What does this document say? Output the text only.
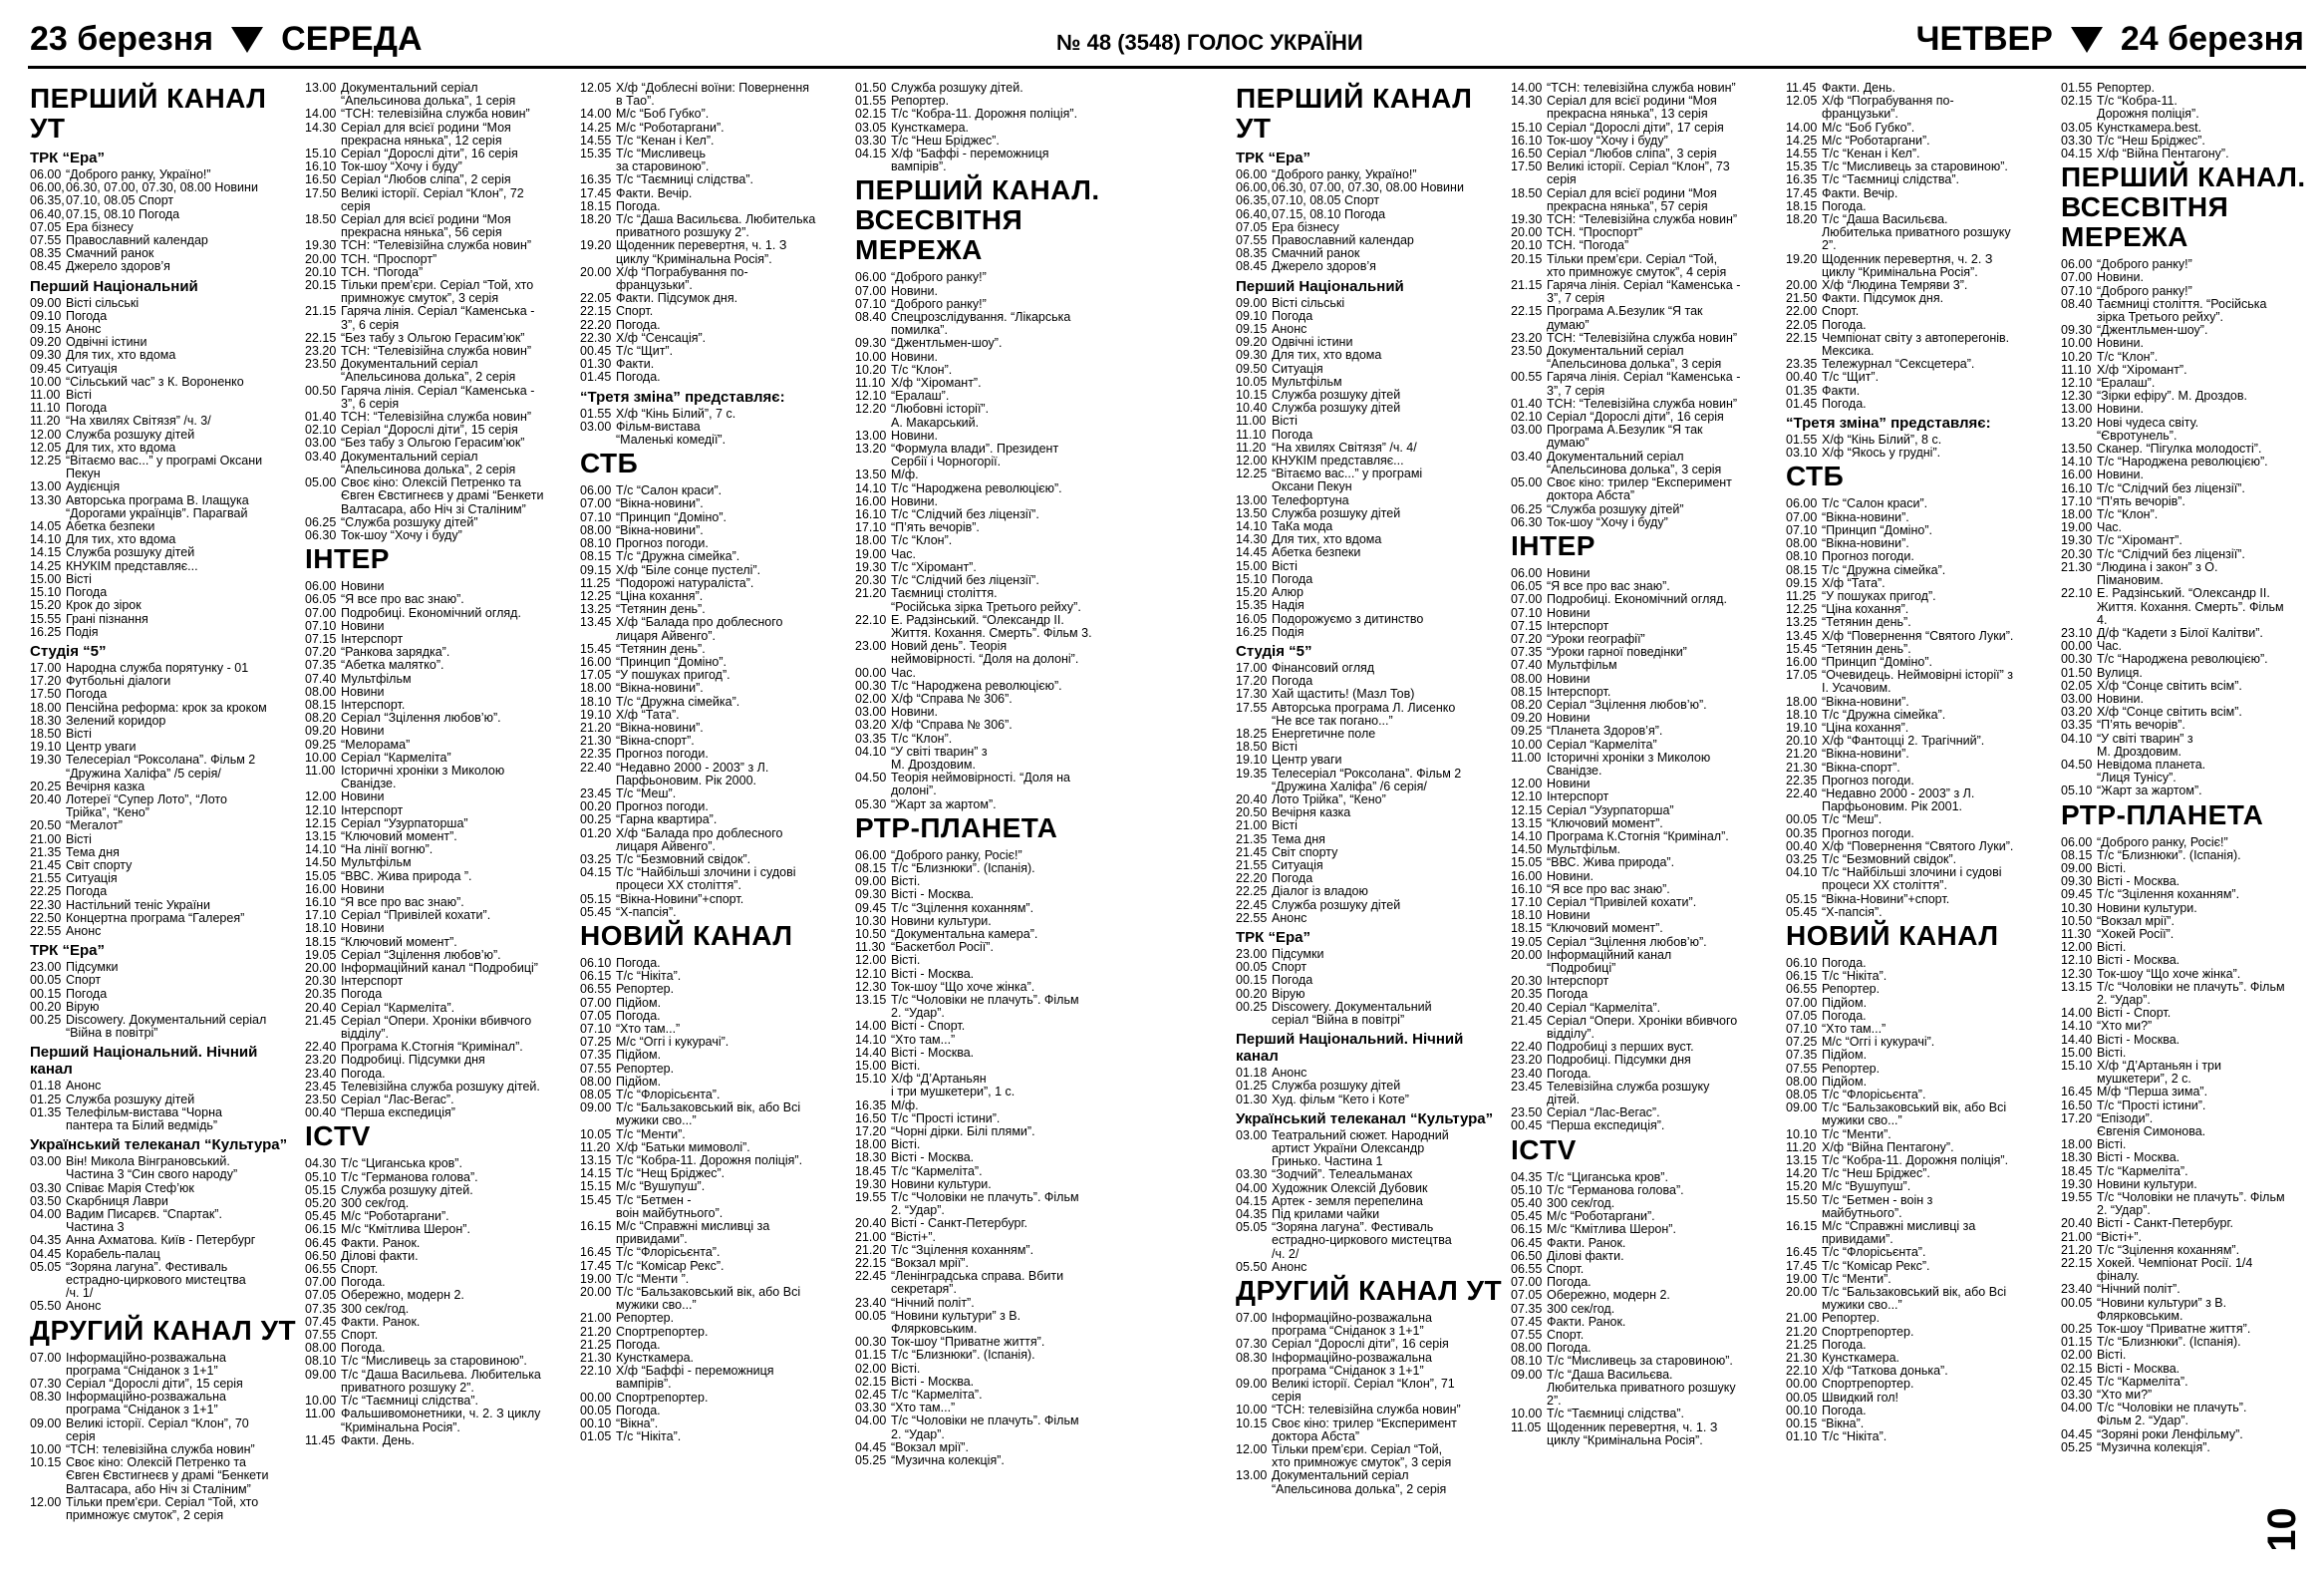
23 березня СЕРЕДА	№ 48 (3548) ГОЛОС УКРАЇНИ	ЧЕТВЕР 24 березня
ПЕРШИЙ КАНАЛ УТ
ТРК “Ера”
06.00 “Доброго ранку, Україно!”
06.00,06.30, 07.00, 07.30, 08.00 Новини
06.35,07.10, 08.05 Спорт
06.40,07.15, 08.10 Погода
07.05 Ера бізнесу
07.55 Православний календар
08.35 Смачний ранок
08.45 Джерело здоров’я
Перший Національний
09.00 Вісті сільські
09.10 Погода
09.15 Анонс
09.20 Одвічні істини
09.30 Для тих, хто вдома
09.45 Ситуація
10.00 “Сільський час” з К. Вороненко
11.00 Вісті
11.10 Погода
11.20 “На хвилях Світязя” /ч. 3/
12.00 Служба розшуку дітей
12.05 Для тих, хто вдома
12.25 “Вітаємо вас...” у програмі Оксани
Пекун
13.00 Аудієнція
13.30 Авторська програма В. Ілащука
“Дорогами українців”. Парагвай
14.05 Абетка безпеки
14.10 Для тих, хто вдома
14.15 Служба розшуку дітей
14.25 КНУКІМ представляє...
15.00 Вісті
15.10 Погода
15.20 Крок до зірок
15.55 Грані пізнання
16.25 Подія
Студія “5”
17.00 Народна служба порятунку - 01
17.20 Футбольні діалоги
17.50 Погода
18.00 Пенсійна реформа: крок за кроком
18.30 Зелений коридор
18.50 Вісті
19.10 Центр уваги
19.30 Телесеріал “Роксолана”. Фільм 2
“Дружина Халіфа” /5 серія/
20.25 Вечірня казка
20.40 Лотереї “Супер Лото”, “Лото
Трійка”, “Кено”
20.50 “Мегалот”
21.00 Вісті
21.35 Тема дня
21.45 Світ спорту
21.55 Ситуація
22.25 Погода
22.30 Настільний теніс України
22.50 Концертна програма “Галерея”
22.55 Анонс
ТРК “Ера”
23.00 Підсумки
00.05 Спорт
00.15 Погода
00.20 Вірую
00.25 Discowery. Документальний серіал
“Війна в повітрі”
Перший Національний. Нічний канал
01.18 Анонс
01.25 Служба розшуку дітей
01.35 Телефільм-вистава “Чорна
пантера та Білий ведмідь”
Український телеканал “Культура”
03.00 Він! Микола Вінграновський.
Частина 3 “Син свого народу”
03.30 Співає Марія Стеф’юк
03.50 Скарбниця Лаври
04.00 Вадим Писарєв. “Спартак”.
Частина 3
04.35 Анна Ахматова. Київ - Петербург
04.45 Корабель-палац
05.05 “Зоряна лагуна”. Фестиваль
естрадно-циркового мистецтва
/ч. 1/
05.50 Анонс
ДРУГИЙ КАНАЛ УТ
07.00 Інформаційно-розважальна
програма “Сніданок з 1+1”
07.30 Серіал “Дорослі діти”, 15 серія
08.30 Інформаційно-розважальна
програма “Сніданок з 1+1”
09.00 Великі історії. Серіал “Клон”, 70
серія
10.00 “ТСН: телевізійна служба новин”
10.15 Своє кіно: Олексій Петренко та
Євген Євстигнеєв у драмі “Бенкети
Валтасара, або Ніч зі Сталіним”
12.00 Тільки прем’єри. Серіал “Той, хто
примножує смуток”, 2 серія
13.00 Документальний серіал
“Апельсинова долька”, 1 серія
14.00 “ТСН: телевізійна служба новин”
14.30 Серіал для всієї родини “Моя
прекрасна нянька”, 12 серія
15.10 Серіал “Дорослі діти”, 16 серія
16.10 Ток-шоу “Хочу і буду”
16.50 Серіал “Любов сліпа”, 2 серія
17.50 Великі історії. Серіал “Клон”, 72
серія
18.50 Серіал для всієї родини “Моя
прекрасна нянька”, 56 серія
19.30 ТСН: “Телевізійна служба новин”
20.00 ТСН. “Проспорт”
20.10 ТСН. “Погода”
20.15 Тільки прем’єри. Серіал “Той, хто
примножує смуток”, 3 серія
21.15 Гаряча лінія. Серіал “Каменська -
3”, 6 серія
22.15 “Без табу з Ольгою Герасим’юк”
23.20 ТСН: “Телевізійна служба новин”
23.50 Документальний серіал
“Апельсинова долька”, 2 серія
00.50 Гаряча лінія. Серіал “Каменська -
3”, 6 серія
01.40 ТСН: “Телевізійна служба новин”
02.10 Серіал “Дорослі діти”, 15 серія
03.00 “Без табу з Ольгою Герасим’юк”
03.40 Документальний серіал
“Апельсинова долька”, 2 серія
05.00 Своє кіно: Олексій Петренко та
Євген Євстигнеєв у драмі “Бенкети
Валтасара, або Ніч зі Сталіним”
06.25 “Служба розшуку дітей”
06.30 Ток-шоу “Хочу і буду”
ІНТЕР
06.00 Новини
06.05 “Я все про вас знаю”.
07.00 Подробиці. Економічний огляд.
07.10 Новини
07.15 Інтерспорт
07.20 “Ранкова зарядка”.
07.35 “Абетка малятко”.
07.40 Мультфільм
08.00 Новини
08.15 Інтерспорт.
08.20 Серіал “Зцілення любов’ю”.
09.20 Новини
09.25 “Мелорама”
10.00 Серіал “Кармеліта”
11.00 Історичні хроніки з Миколою
Сванідзе.
12.00 Новини
12.10 Інтерспорт
12.15 Серіал “Узурпаторша”
13.15 “Ключовий момент”.
14.10 “На лінії вогню”.
14.50 Мультфільм
15.05 “ВВС. Жива природа ”.
16.00 Новини
16.10 “Я все про вас знаю”.
17.10 Серіал “Привілей кохати”.
18.10 Новини
18.15 “Ключовий момент”.
19.05 Серіал “Зцілення любов’ю”.
20.00 Інформаційний канал “Подробиці”
20.30 Інтерспорт
20.35 Погода
20.40 Серіал “Кармеліта”.
21.45 Серіал “Опери. Хроніки вбивчого
відділу”.
22.40 Програма К.Стогнія “Кримінал”.
23.20 Подробиці. Підсумки дня
23.40 Погода.
23.45 Телевізійна служба розшуку дітей.
23.50 Серіал “Лас-Вегас”.
00.40 “Перша експедиція”
ICTV
04.30 Т/с “Циганська кров”.
05.10 Т/с “Германова голова”.
05.15 Служба розшуку дітей.
05.20 300 сек/год.
05.45 М/с “Роботаргани”.
06.15 М/с “Кмітлива Шерон”.
06.45 Факти. Ранок.
06.50 Ділові факти.
06.55 Спорт.
07.00 Погода.
07.05 Обережно, модерн 2.
07.35 300 сек/год.
07.45 Факти. Ранок.
07.55 Спорт.
08.00 Погода.
08.10 Т/с “Мисливець за старовиною”.
09.00 Т/с “Даша Васильева. Любителька
приватного розшуку 2”.
10.00 Т/с “Таємниці слідства”.
11.00 Фальшивомонетники, ч. 2. З циклу
“Кримінальна Росія”.
11.45 Факти. День.
12.05 Х/ф “Доблесні воїни: Повернення
в Тао”.
14.00 М/с “Боб Губко”.
14.25 М/с “Роботаргани”.
14.55 Т/с “Кенан і Кел”.
15.35 Т/с “Мисливець
за старовиною”.
16.35 Т/с “Таємниці слідства”.
17.45 Факти. Вечір.
18.15 Погода.
18.20 Т/с “Даша Васильєва. Любителька
приватного розшуку 2”.
19.20 Щоденник перевертня, ч. 1. З
циклу “Кримінальна Росія”.
20.00 Х/ф “Пограбування по-
французьки”.
22.05 Факти. Підсумок дня.
22.15 Спорт.
22.20 Погода.
22.30 Х/ф “Сенсація”.
00.45 Т/с “Щит”.
01.30 Факти.
01.45 Погода.
“Третя зміна” представляє:
01.55 Х/ф “Кінь Білий”, 7 с.
03.00 Фільм-вистава
“Маленькі комедії”.
СТБ
06.00 Т/с “Салон краси”.
07.00 “Вікна-новини”.
07.10 “Принцип “Доміно”.
08.00 “Вікна-новини”.
08.10 Прогноз погоди.
08.15 Т/с “Дружна сімейка”.
09.15 Х/ф “Біле сонце пустелі”.
11.25 “Подорожі натураліста”.
12.25 “Ціна кохання”.
13.25 “Тетянин день”.
13.45 Х/ф “Балада про доблесного
лицаря Айвенго”.
15.45 “Тетянин день”.
16.00 “Принцип “Доміно”.
17.05 “У пошуках пригод”.
18.00 “Вікна-новини”.
18.10 Т/с “Дружна сімейка”.
19.10 Х/ф “Тата”.
21.20 “Вікна-новини”.
21.30 “Вікна-спорт”.
22.35 Прогноз погоди.
22.40 “Недавно 2000 - 2003” з Л.
Парфьоновим. Рік 2000.
23.45 Т/с “Меш”.
00.20 Прогноз погоди.
00.25 “Гарна квартира”.
01.20 Х/ф “Балада про доблесного
лицаря Айвенго”.
03.25 Т/с “Безмовний свідок”.
04.15 Т/с “Найбільші злочини і судові
процеси XX століття”.
05.15 “Вікна-Новини”+спорт.
05.45 “Х-папсія”.
НОВИЙ КАНАЛ
06.10 Погода.
06.15 Т/с “Нікіта”.
06.55 Репортер.
07.00 Підйом.
07.05 Погода.
07.10 “Хто там...”
07.25 М/с “Оггі і кукурачі”.
07.35 Підйом.
07.55 Репортер.
08.00 Підйом.
08.05 Т/с “Флорісьєнта”.
09.00 Т/с “Бальзаковський вік, або Всі
мужики сво...”
10.05 Т/с “Менти”.
11.20 Х/ф “Батьки мимоволі”.
13.15 Т/с “Кобра-11. Дорожня поліція”.
14.15 Т/с “Нещ Бріджес”.
15.15 М/с “Вушупуш”.
15.45 Т/с “Бетмен -
воін майбутнього”.
16.15 М/с “Справжні мисливці за
привидами”.
16.45 Т/с “Флорісьєнта”.
17.45 Т/с “Комісар Рекс”.
19.00 Т/с “Менти ”.
20.00 Т/с “Бальзаковський вік, або Всі
мужики сво...”
21.00 Репортер.
21.20 Спортрепортер.
21.25 Погода.
21.30 Кунсткамера.
22.10 Х/ф “Баффі - переможниця
вампірів”.
00.00 Спортрепортер.
00.05 Погода.
00.10 “Вікна”.
01.05 Т/с “Нікіта”.
01.50 Служба розшуку дітей.
01.55 Репортер.
02.15 Т/с “Кобра-11. Дорожня поліція”.
03.05 Кунсткамера.
03.30 Т/с “Неш Бріджес”.
04.15 Х/ф “Баффі - переможниця
вампірів”.
ПЕРШИЙ КАНАЛ. ВСЕСВІТНЯ МЕРЕЖА
06.00 “Доброго ранку!”
07.00 Новини.
07.10 “Доброго ранку!”
08.40 Спецрозслідування. “Лікарська
помилка”.
09.30 “Джентльмен-шоу”.
10.00 Новини.
10.20 Т/с “Клон”.
11.10 Х/ф “Хіромант”.
12.10 “Ералаш”.
12.20 “Любовні історії”.
А. Макарський.
13.00 Новини.
13.20 “Формула влади”. Президент
Сербії і Чорногорії.
13.50 М/ф.
14.10 Т/с “Народжена революцією”.
16.00 Новини.
16.10 Т/с “Слідчий без ліцензії”.
17.10 “П’ять вечорів”.
18.00 Т/с “Клон”.
19.00 Час.
19.30 Т/с “Хіромант”.
20.30 Т/с “Слідчий без ліцензії”.
21.20 Таємниці століття.
“Російська зірка Третього рейху”.
22.10 Е. Радзінський. “Олександр ІІ.
Життя. Кохання. Смерть”. Фільм 3.
23.00 Новий день”. Теорія
неймовірності. “Доля на долоні”.
00.00 Час.
00.30 Т/с “Народжена революцією”.
02.00 Х/ф “Справа № 306”.
03.00 Новини.
03.20 Х/ф “Справа № 306”.
03.35 Т/с “Клон”.
04.10 “У світі тварин” з
М. Дроздовим.
04.50 Теорія неймовірності. “Доля на
долоні”.
05.30 “Жарт за жартом”.
РТР-ПЛАНЕТА
06.00 “Доброго ранку, Росіє!”
08.15 Т/с “Близнюки”. (Іспанія).
09.00 Вісті.
09.30 Вісті - Москва.
09.45 Т/с “Зцілення коханням”.
10.30 Новини культури.
10.50 “Документальна камера”.
11.30 “Баскетбол Росії”.
12.00 Вісті.
12.10 Вісті - Москва.
12.30 Ток-шоу “Що хоче жінка”.
13.15 Т/с “Чоловіки не плачуть”. Фільм
2. “Удар”.
14.00 Вісті - Спорт.
14.10 “Хто там...”
14.40 Вісті - Москва.
15.00 Вісті.
15.10 Х/ф “Д’Артаньян
і три мушкетери”, 1 с.
16.35 М/ф.
16.50 Т/с “Прості істини”.
17.20 “Чорні дірки. Білі плями”.
18.00 Вісті.
18.30 Вісті - Москва.
18.45 Т/с “Кармеліта”.
19.30 Новини культури.
19.55 Т/с “Чоловіки не плачуть”. Фільм
2. “Удар”.
20.40 Вісті - Санкт-Петербург.
21.00 “Вісті+”.
21.20 Т/с “Зцілення коханням”.
22.15 “Вокзал мрії”.
22.45 “Ленінградська справа. Вбити
секретаря”.
23.40 “Нічний політ”.
00.05 “Новини культури” з В.
Флярковським.
00.30 Ток-шоу “Приватне життя”.
01.15 Т/с “Близнюки”. (Іспанія).
02.00 Вісті.
02.15 Вісті - Москва.
02.45 Т/с “Кармеліта”.
03.30 “Хто там...”
04.00 Т/с “Чоловіки не плачуть”. Фільм
2. “Удар”.
04.45 “Вокзал мрії”.
05.25 “Музична колекція”.
ПЕРШИЙ КАНАЛ УТ
ТРК “Ера”
06.00 “Доброго ранку, Україно!”
06.00,06.30, 07.00, 07.30, 08.00 Новини
06.35,07.10, 08.05 Спорт
06.40,07.15, 08.10 Погода
07.05 Ера бізнесу
07.55 Православний календар
08.35 Смачний ранок
08.45 Джерело здоров’я
Перший Національний
09.00 Вісті сільські
09.10 Погода
09.15 Анонс
09.20 Одвічні істини
09.30 Для тих, хто вдома
09.50 Ситуація
10.05 Мультфільм
10.15 Служба розшуку дітей
10.40 Служба розшуку дітей
11.00 Вісті
11.10 Погода
11.20 “На хвилях Світязя” /ч. 4/
12.00 КНУКІМ представляє...
12.25 “Вітаємо вас...” у програмі
Оксани Пекун
13.00 Телефортуна
13.50 Служба розшуку дітей
14.10 ТаКа мода
14.30 Для тих, хто вдома
14.45 Абетка безпеки
15.00 Вісті
15.10 Погода
15.20 Алюр
15.35 Надія
16.05 Подорожуємо з дитинство
16.25 Подія
Студія “5”
17.00 Фінансовий огляд
17.20 Погода
17.30 Хай щастить! (Мазл Тов)
17.55 Авторська програма Л. Лисенко
“Не все так погано...”
18.25 Енергетичне поле
18.50 Вісті
19.10 Центр уваги
19.35 Телесеріал “Роксолана”. Фільм 2
“Дружина Халіфа” /6 серія/
20.40 Лото Трійка”, “Кено”
20.50 Вечірня казка
21.00 Вісті
21.35 Тема дня
21.45 Світ спорту
21.55 Ситуація
22.20 Погода
22.25 Діалог із владою
22.45 Служба розшуку дітей
22.55 Анонс
ТРК “Ера”
23.00 Підсумки
00.05 Спорт
00.15 Погода
00.20 Вірую
00.25 Discowery. Документальний
серіал “Війна в повітрі”
Перший Національний. Нічний канал
01.18 Анонс
01.25 Служба розшуку дітей
01.30 Худ. фільм “Кето і Коте”
Український телеканал “Культура”
03.00 Театральний сюжет. Народний
артист України Олександр
Гринько. Частина 1
03.30 “Зодчий”. Телеальманах
04.00 Художник Олексій Дубовик
04.15 Артек - земля перепелина
04.35 Під крилами чайки
05.05 “Зоряна лагуна”. Фестиваль
естрадно-циркового мистецтва
/ч. 2/
05.50 Анонс
ДРУГИЙ КАНАЛ УТ
07.00 Інформаційно-розважальна
програма “Сніданок з 1+1”
07.30 Серіал “Дорослі діти”, 16 серія
08.30 Інформаційно-розважальна
програма “Сніданок з 1+1”
09.00 Великі історії. Серіал “Клон”, 71
серія
10.00 “ТСН: телевізійна служба новин”
10.15 Своє кіно: трилер “Експеримент
доктора Абста”
12.00 Тільки прем’єри. Серіал “Той,
хто примножує смуток”, 3 серія
13.00 Документальний серіал
“Апельсинова долька”, 2 серія
14.00 “ТСН: телевізійна служба новин”
14.30 Серіал для всієї родини “Моя
прекрасна нянька”, 13 серія
15.10 Серіал “Дорослі діти”, 17 серія
16.10 Ток-шоу “Хочу і буду”
16.50 Серіал “Любов сліпа”, 3 серія
17.50 Великі історії. Серіал “Клон”, 73
серія
18.50 Серіал для всієї родини “Моя
прекрасна нянька”, 57 серія
19.30 ТСН: “Телевізійна служба новин”
20.00 ТСН. “Проспорт”
20.10 ТСН. “Погода”
20.15 Тільки прем’єри. Серіал “Той,
хто примножує смуток”, 4 серія
21.15 Гаряча лінія. Серіал “Каменська -
3”, 7 серія
22.15 Програма А.Безулик “Я так
думаю”
23.20 ТСН: “Телевізійна служба новин”
23.50 Документальний серіал
“Апельсинова долька”, 3 серія
00.55 Гаряча лінія. Серіал “Каменська -
3”, 7 серія
01.40 ТСН: “Телевізійна служба новин”
02.10 Серіал “Дорослі діти”, 16 серія
03.00 Програма А.Безулик “Я так
думаю”
03.40 Документальний серіал
“Апельсинова долька”, 3 серія
05.00 Своє кіно: трилер “Експеримент
доктора Абста”
06.25 “Служба розшуку дітей”
06.30 Ток-шоу “Хочу і буду”
ІНТЕР
06.00 Новини
06.05 “Я все про вас знаю”.
07.00 Подробиці. Економічний огляд.
07.10 Новини
07.15 Інтерспорт
07.20 “Уроки географії”
07.35 “Уроки гарної поведінки”
07.40 Мультфільм
08.00 Новини
08.15 Інтерспорт.
08.20 Серіал “Зцілення любов’ю”.
09.20 Новини
09.25 “Планета Здоров’я”.
10.00 Серіал “Кармеліта”
11.00 Історичні хроніки з Миколою
Сванідзе.
12.00 Новини
12.10 Інтерспорт
12.15 Серіал “Узурпаторша”
13.15 “Ключовий момент”.
14.10 Програма К.Стогнія “Кримінал”.
14.50 Мультфільм.
15.05 “ВВС. Жива природа”.
16.00 Новини.
16.10 “Я все про вас знаю”.
17.10 Серіал “Привілей кохати”.
18.10 Новини
18.15 “Ключовий момент”.
19.05 Серіал “Зцілення любов’ю”.
20.00 Інформаційний канал
“Подробиці”
20.30 Інтерспорт
20.35 Погода
20.40 Серіал “Кармеліта”.
21.45 Серіал “Опери. Хроніки вбивчого
відділу”.
22.40 Подробиці з перших вуст.
23.20 Подробиці. Підсумки дня
23.40 Погода.
23.45 Телевізійна служба розшуку
дітей.
23.50 Серіал “Лас-Вегас”.
00.45 “Перша експедиція”.
ICTV
04.35 Т/с “Циганська кров”.
05.10 Т/с “Германова голова”.
05.40 300 сек/год.
05.45 М/с “Роботаргани”.
06.15 М/с “Кмітлива Шерон”.
06.45 Факти. Ранок.
06.50 Ділові факти.
06.55 Спорт.
07.00 Погода.
07.05 Обережно, модерн 2.
07.35 300 сек/год.
07.45 Факти. Ранок.
07.55 Спорт.
08.00 Погода.
08.10 Т/с “Мисливець за старовиною”.
09.00 Т/с “Даша Васильєва.
Любителька приватного розшуку
2”.
10.00 Т/с “Таємниці слідства”.
11.05 Щоденник перевертня, ч. 1. З
циклу “Кримінальна Росія”.
11.45 Факти. День.
12.05 Х/ф “Пограбування по-
французьки”.
14.00 М/с “Боб Губко”.
14.25 М/с “Роботаргани”.
14.55 Т/с “Кенан і Кел”.
15.35 Т/с “Мисливець за старовиною”.
16.35 Т/с “Таємниці слідства”.
17.45 Факти. Вечір.
18.15 Погода.
18.20 Т/с “Даша Васильєва.
Любителька приватного розшуку
2”.
19.20 Щоденник перевертня, ч. 2. З
циклу “Кримінальна Росія”.
20.00 Х/ф “Людина Темряви 3”.
21.50 Факти. Підсумок дня.
22.00 Спорт.
22.05 Погода.
22.15 Чемпіонат світу з автоперегонів.
Мексика.
23.35 Тележурнал “Сексцетера”.
00.40 Т/с “Щит”.
01.35 Факти.
01.45 Погода.
“Третя зміна” представляє:
01.55 Х/ф “Кінь Білий”, 8 с.
03.10 Х/ф “Якось у грудні”.
СТБ
06.00 Т/с “Салон краси”.
07.00 “Вікна-новини”.
07.10 “Принцип “Доміно”.
08.00 “Вікна-новини”.
08.10 Прогноз погоди.
08.15 Т/с “Дружна сімейка”.
09.15 Х/ф “Тата”.
11.25 “У пошуках пригод”.
12.25 “Ціна кохання”.
13.25 “Тетянин день”.
13.45 Х/ф “Повернення “Святого Луки”.
15.45 “Тетянин день”.
16.00 “Принцип “Доміно”.
17.05 “Очевидець. Неймовірні історії” з
І. Усачовим.
18.00 “Вікна-новини”.
18.10 Т/с “Дружна сімейка”.
19.10 “Ціна кохання”.
20.10 Х/ф “Фантоцці 2. Трагічний”.
21.20 “Вікна-новини”.
21.30 “Вікна-спорт”.
22.35 Прогноз погоди.
22.40 “Недавно 2000 - 2003” з Л.
Парфьоновим. Рік 2001.
00.05 Т/с “Меш”.
00.35 Прогноз погоди.
00.40 Х/ф “Повернення “Святого Луки”.
03.25 Т/с “Безмовний свідок”.
04.10 Т/с “Найбільші злочини і судові
процеси XX століття”.
05.15 “Вікна-Новини”+спорт.
05.45 “Х-папсія”.
НОВИЙ КАНАЛ
06.10 Погода.
06.15 Т/с “Нікіта”.
06.55 Репортер.
07.00 Підйом.
07.05 Погода.
07.10 “Хто там...”
07.25 М/с “Оггі і кукурачі”.
07.35 Підйом.
07.55 Репортер.
08.00 Підйом.
08.05 Т/с “Флорісьєнта”.
09.00 Т/с “Бальзаковський вік, або Всі
мужики сво...”
10.10 Т/с “Менти”.
11.20 Х/ф “Війна Пентагону”.
13.15 Т/с “Кобра-11. Дорожня поліція”.
14.20 Т/с “Неш Бріджес”.
15.20 М/с “Вушупуш”.
15.50 Т/с “Бетмен - воін з
майбутнього”.
16.15 М/с “Справжні мисливці за
привидами”.
16.45 Т/с “Флорісьєнта”.
17.45 Т/с “Комісар Рекс”.
19.00 Т/с “Менти”.
20.00 Т/с “Бальзаковський вік, або Всі
мужики сво...”
21.00 Репортер.
21.20 Спортрепортер.
21.25 Погода.
21.30 Кунсткамера.
22.10 Х/ф “Таткова донька”.
00.00 Спортрепортер.
00.05 Швидкий гол!
00.10 Погода.
00.15 “Вікна”.
01.10 Т/с “Нікіта”.
01.55 Репортер.
02.15 Т/с “Кобра-11.
Дорожня поліція”.
03.05 Кунсткамера.best.
03.30 Т/с “Неш Бріджес”.
04.15 Х/ф “Війна Пентагону”.
ПЕРШИЙ КАНАЛ. ВСЕСВІТНЯ МЕРЕЖА
06.00 “Доброго ранку!”
07.00 Новини.
07.10 “Доброго ранку!”
08.40 Таємниці століття. “Російська
зірка Третього рейху”.
09.30 “Джентльмен-шоу”.
10.00 Новини.
10.20 Т/с “Клон”.
11.10 Х/ф “Хіромант”.
12.10 “Ералаш”.
12.30 “Зірки ефіру”. М. Дроздов.
13.00 Новини.
13.20 Нові чудеса світу.
“Євротунель”.
13.50 Сканер. “Пігулка молодості”.
14.10 Т/с “Народжена революцією”.
16.00 Новини.
16.10 Т/с “Слідчий без ліцензії”.
17.10 “П’ять вечорів”.
18.00 Т/с “Клон”.
19.00 Час.
19.30 Т/с “Хіромант”.
20.30 Т/с “Слідчий без ліцензії”.
21.30 “Людина і закон” з О.
Пімановим.
22.10 Е. Радзінський. “Олександр ІІ.
Життя. Кохання. Смерть”. Фільм
4.
23.10 Д/ф “Кадети з Білої Калітви”.
00.00 Час.
00.30 Т/с “Народжена революцією”.
01.50 Вулиця.
02.05 Х/ф “Сонце світить всім”.
03.00 Новини.
03.20 Х/ф “Сонце світить всім”.
03.35 “П’ять вечорів”.
04.10 “У світі тварин” з
М. Дроздовим.
04.50 Невідома планета.
“Лиця Тунісу”.
05.10 “Жарт за жартом”.
РТР-ПЛАНЕТА
06.00 “Доброго ранку, Росіє!”
08.15 Т/с “Близнюки”. (Іспанія).
09.00 Вісті.
09.30 Вісті - Москва.
09.45 Т/с “Зцілення коханням”.
10.30 Новини культури.
10.50 “Вокзал мрії”.
11.30 “Хокей Росії”.
12.00 Вісті.
12.10 Вісті - Москва.
12.30 Ток-шоу “Що хоче жінка”.
13.15 Т/с “Чоловіки не плачуть”. Фільм
2. “Удар”.
14.00 Вісті - Спорт.
14.10 “Хто ми?”
14.40 Вісті - Москва.
15.00 Вісті.
15.10 Х/ф “Д’Артаньян і три
мушкетери”, 2 с.
16.45 М/ф “Перша зима”.
16.50 Т/с “Прості істини”.
17.20 “Епізоди”.
Євгенія Симонова.
18.00 Вісті.
18.30 Вісті - Москва.
18.45 Т/с “Кармеліта”.
19.30 Новини культури.
19.55 Т/с “Чоловіки не плачуть”. Фільм
2. “Удар”.
20.40 Вісті - Санкт-Петербург.
21.00 “Вісті+”.
21.20 Т/с “Зцілення коханням”.
22.15 Хокей. Чемпіонат Росії. 1/4
фіналу.
23.40 “Нічний політ”.
00.05 “Новини культури” з В.
Флярковським.
00.25 Ток-шоу “Приватне життя”.
01.15 Т/с “Близнюки”. (Іспанія).
02.00 Вісті.
02.15 Вісті - Москва.
02.45 Т/с “Кармеліта”.
03.30 “Хто ми?”
04.00 Т/с “Чоловіки не плачуть”.
Фільм 2. “Удар”.
04.45 “Зоряні роки Ленфільму”.
05.25 “Музична колекція”.
10
